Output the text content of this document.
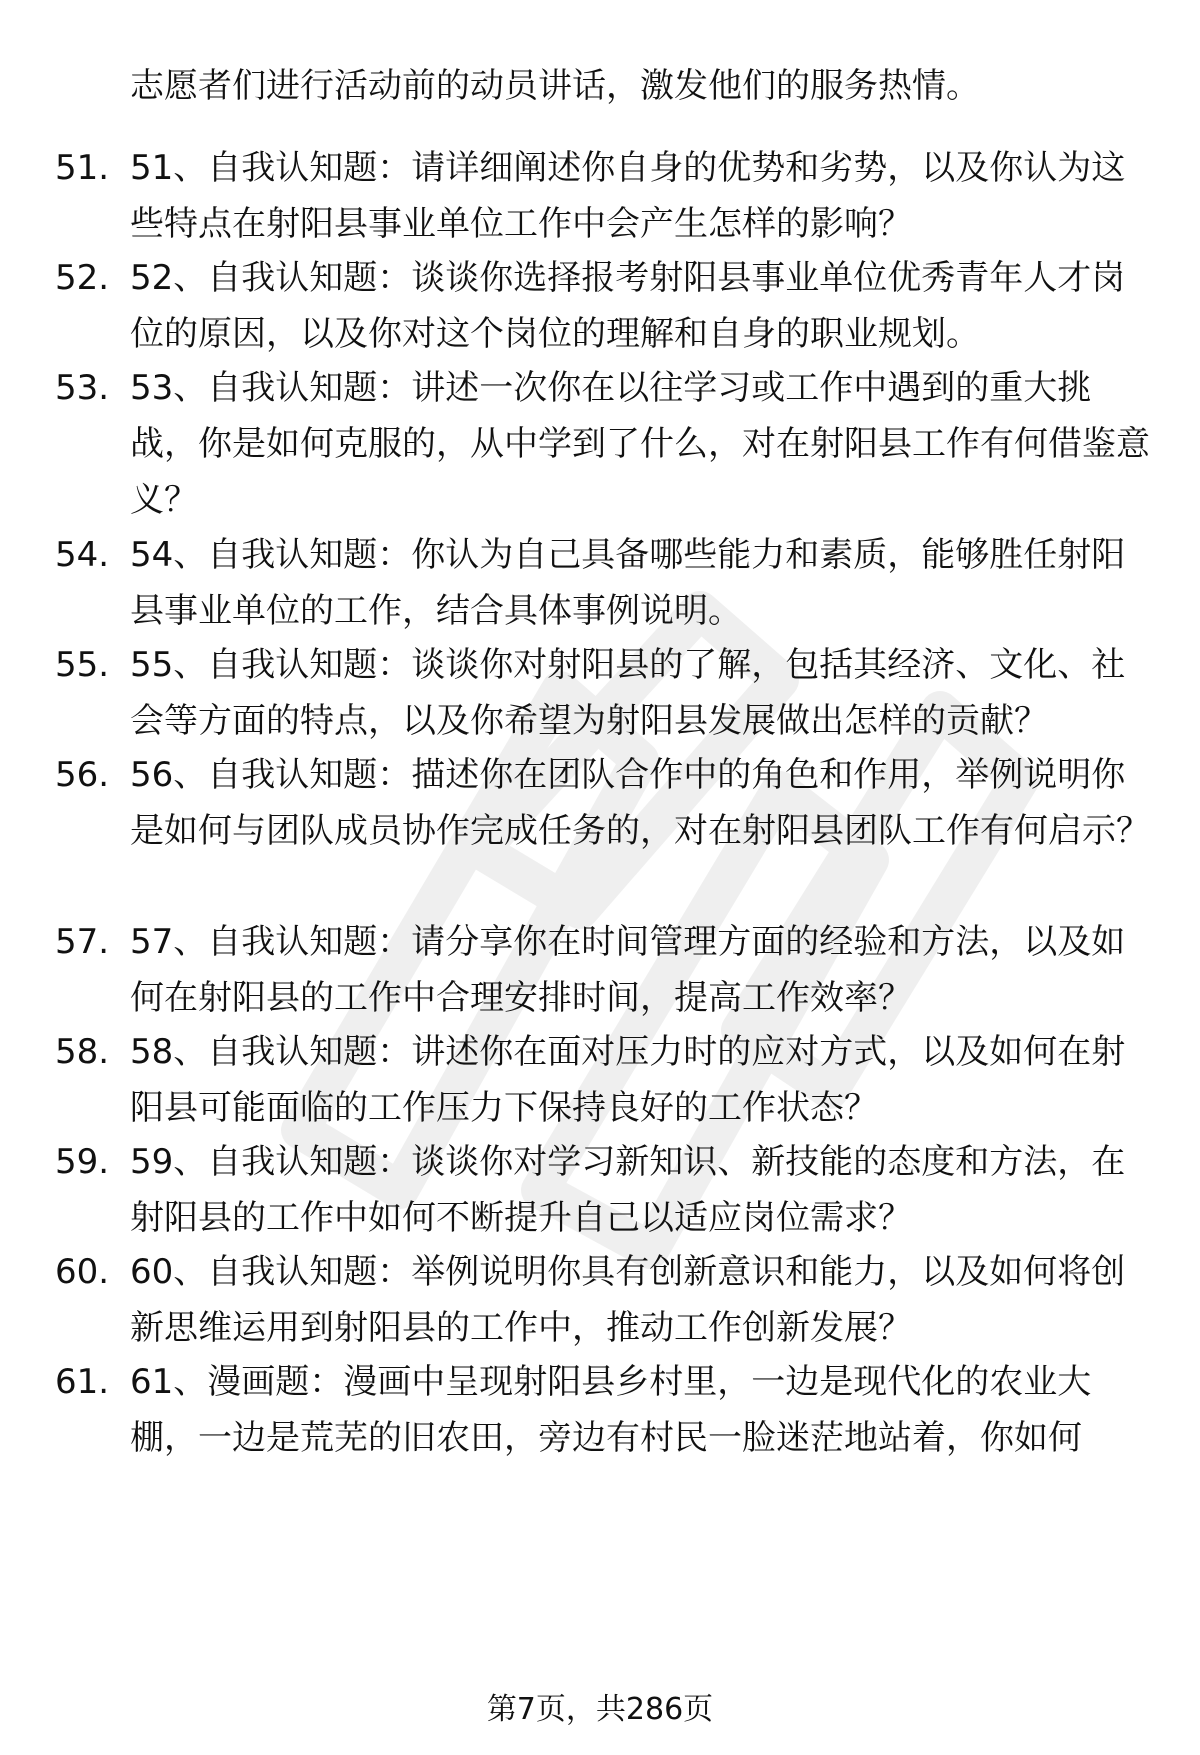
志愿者们进行活动前的动员讲话，激发他们的服务热情。

51. 51、自我认知题：请详细阐述你自身的优势和劣势，以及你认为这些特点在射阳县事业单位工作中会产生怎样的影响？

52. 52、自我认知题：谈谈你选择报考射阳县事业单位优秀青年人才岗位的原因，以及你对这个岗位的理解和自身的职业规划。

53. 53、自我认知题：讲述一次你在以往学习或工作中遇到的重大挑战，你是如何克服的，从中学到了什么，对在射阳县工作有何借鉴意义？

54. 54、自我认知题：你认为自己具备哪些能力和素质，能够胜任射阳县事业单位的工作，结合具体事例说明。

55. 55、自我认知题：谈谈你对射阳县的了解，包括其经济、文化、社会等方面的特点，以及你希望为射阳县发展做出怎样的贡献？

56. 56、自我认知题：描述你在团队合作中的角色和作用，举例说明你是如何与团队成员协作完成任务的，对在射阳县团队工作有何启示？

57. 57、自我认知题：请分享你在时间管理方面的经验和方法，以及如何在射阳县的工作中合理安排时间，提高工作效率？

58. 58、自我认知题：讲述你在面对压力时的应对方式，以及如何在射阳县可能面临的工作压力下保持良好的工作状态？

59. 59、自我认知题：谈谈你对学习新知识、新技能的态度和方法，在射阳县的工作中如何不断提升自己以适应岗位需求？

60. 60、自我认知题：举例说明你具有创新意识和能力，以及如何将创新思维运用到射阳县的工作中，推动工作创新发展？

61. 61、漫画题：漫画中呈现射阳县乡村里，一边是现代化的农业大棚，一边是荒芜的旧农田，旁边有村民一脸迷茫地站着，你如何

第7页，共286页
